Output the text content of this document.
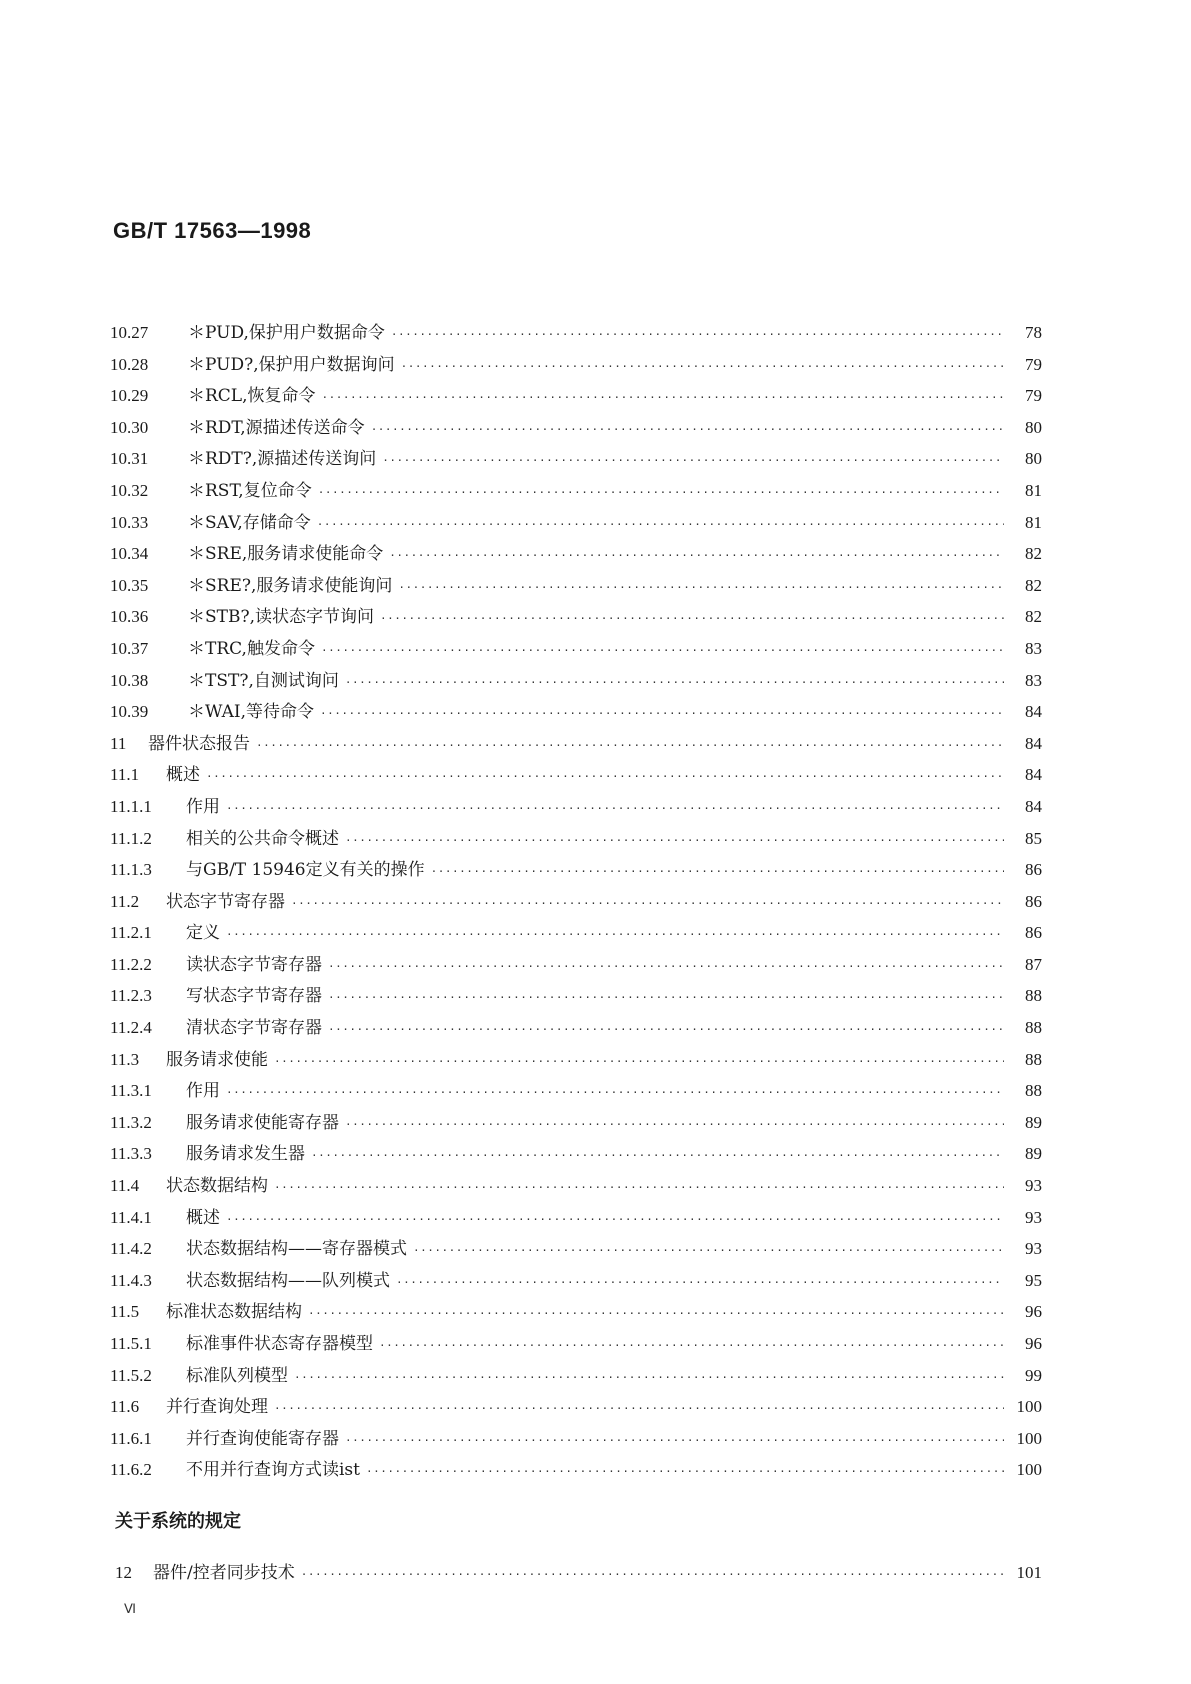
GB/T 17563—1998
10.27	＊PUD,保护用户数据命令 ·····	78
10.28	＊PUD?,保护用户数据询问 ·····	79
10.29	＊RCL,恢复命令 ·····	79
10.30	＊RDT,源描述传送命令 ·····	80
10.31	＊RDT?,源描述传送询问 ·····	80
10.32	＊RST,复位命令 ·····	81
10.33	＊SAV,存储命令 ·····	81
10.34	＊SRE,服务请求使能命令 ·····	82
10.35	＊SRE?,服务请求使能询问 ·····	82
10.36	＊STB?,读状态字节询问 ·····	82
10.37	＊TRC,触发命令 ·····	83
10.38	＊TST?,自测试询问 ·····	83
10.39	＊WAI,等待命令 ·····	84
11	器件状态报告 ·····	84
11.1	概述 ·····	84
11.1.1	作用 ·····	84
11.1.2	相关的公共命令概述 ·····	85
11.1.3	与GB/T 15946定义有关的操作 ·····	86
11.2	状态字节寄存器 ·····	86
11.2.1	定义 ·····	86
11.2.2	读状态字节寄存器 ·····	87
11.2.3	写状态字节寄存器 ·····	88
11.2.4	清状态字节寄存器 ·····	88
11.3	服务请求使能 ·····	88
11.3.1	作用 ·····	88
11.3.2	服务请求使能寄存器 ·····	89
11.3.3	服务请求发生器 ·····	89
11.4	状态数据结构 ·····	93
11.4.1	概述 ·····	93
11.4.2	状态数据结构——寄存器模式 ·····	93
11.4.3	状态数据结构——队列模式 ·····	95
11.5	标准状态数据结构 ·····	96
11.5.1	标准事件状态寄存器模型 ·····	96
11.5.2	标准队列模型 ·····	99
11.6	并行查询处理 ·····	100
11.6.1	并行查询使能寄存器 ·····	100
11.6.2	不用并行查询方式读ist ·····	100
关于系统的规定
12	器件/控者同步技术 ·····	101
Ⅵ
